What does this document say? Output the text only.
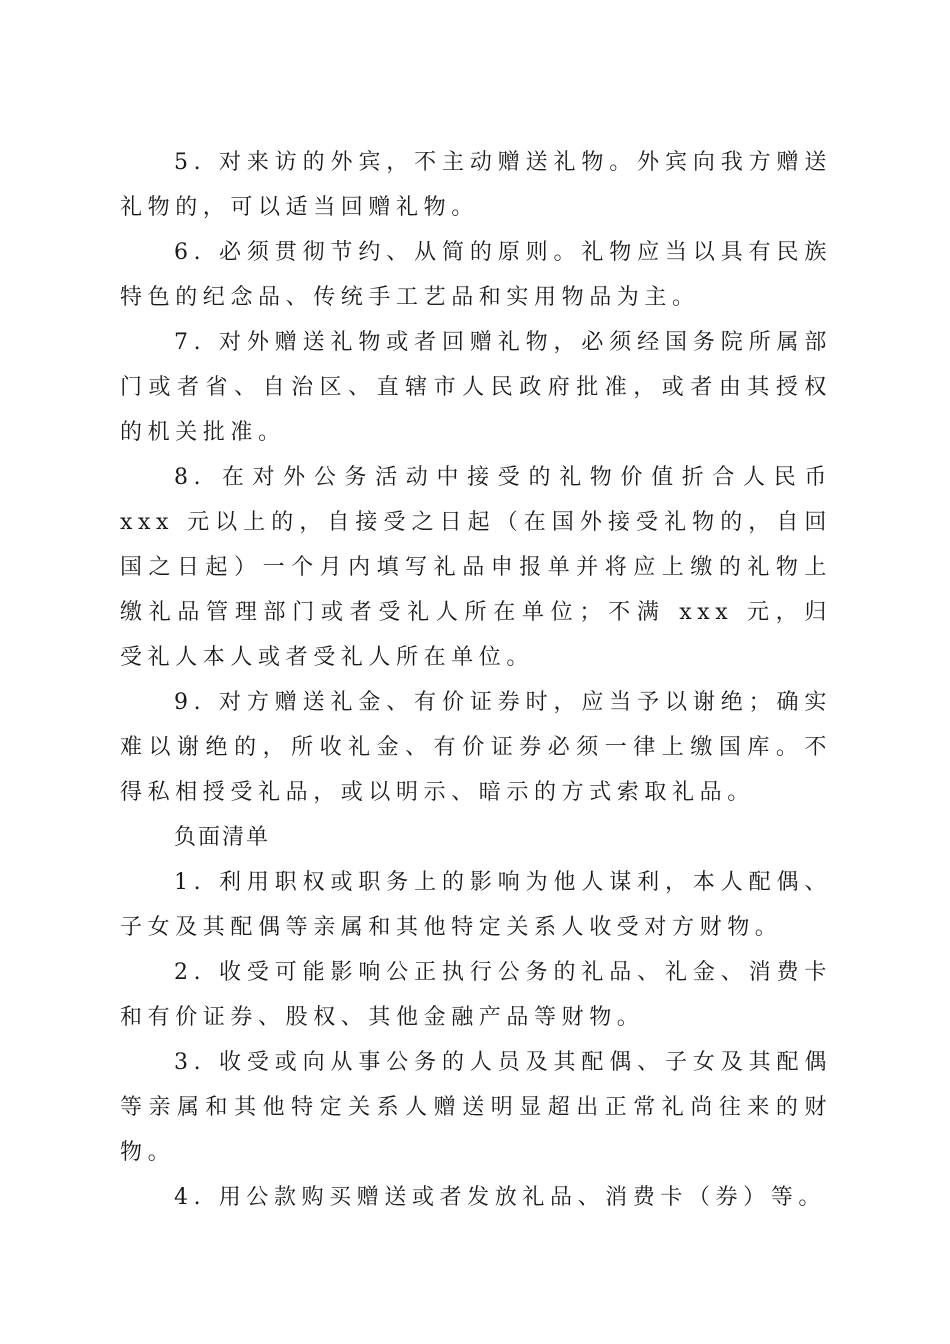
5. 对来访的外宾，不主动赠送礼物。外宾向我方赠送礼物的，可以适当回赠礼物。

6. 必须贯彻节约、从简的原则。礼物应当以具有民族特色的纪念品、传统手工艺品和实用物品为主。

7. 对外赠送礼物或者回赠礼物，必须经国务院所属部门或者省、自治区、直辖市人民政府批准，或者由其授权的机关批准。

8. 在对外公务活动中接受的礼物价值折合人民币 xxx 元以上的，自接受之日起（在国外接受礼物的，自回国之日起）一个月内填写礼品申报单并将应上缴的礼物上缴礼品管理部门或者受礼人所在单位；不满 xxx 元，归受礼人本人或者受礼人所在单位。

9. 对方赠送礼金、有价证券时，应当予以谢绝；确实难以谢绝的，所收礼金、有价证券必须一律上缴国库。不得私相授受礼品，或以明示、暗示的方式索取礼品。

负面清单

1. 利用职权或职务上的影响为他人谋利，本人配偶、子女及其配偶等亲属和其他特定关系人收受对方财物。

2. 收受可能影响公正执行公务的礼品、礼金、消费卡和有价证券、股权、其他金融产品等财物。

3. 收受或向从事公务的人员及其配偶、子女及其配偶等亲属和其他特定关系人赠送明显超出正常礼尚往来的财物。

4. 用公款购买赠送或者发放礼品、消费卡（券）等。
